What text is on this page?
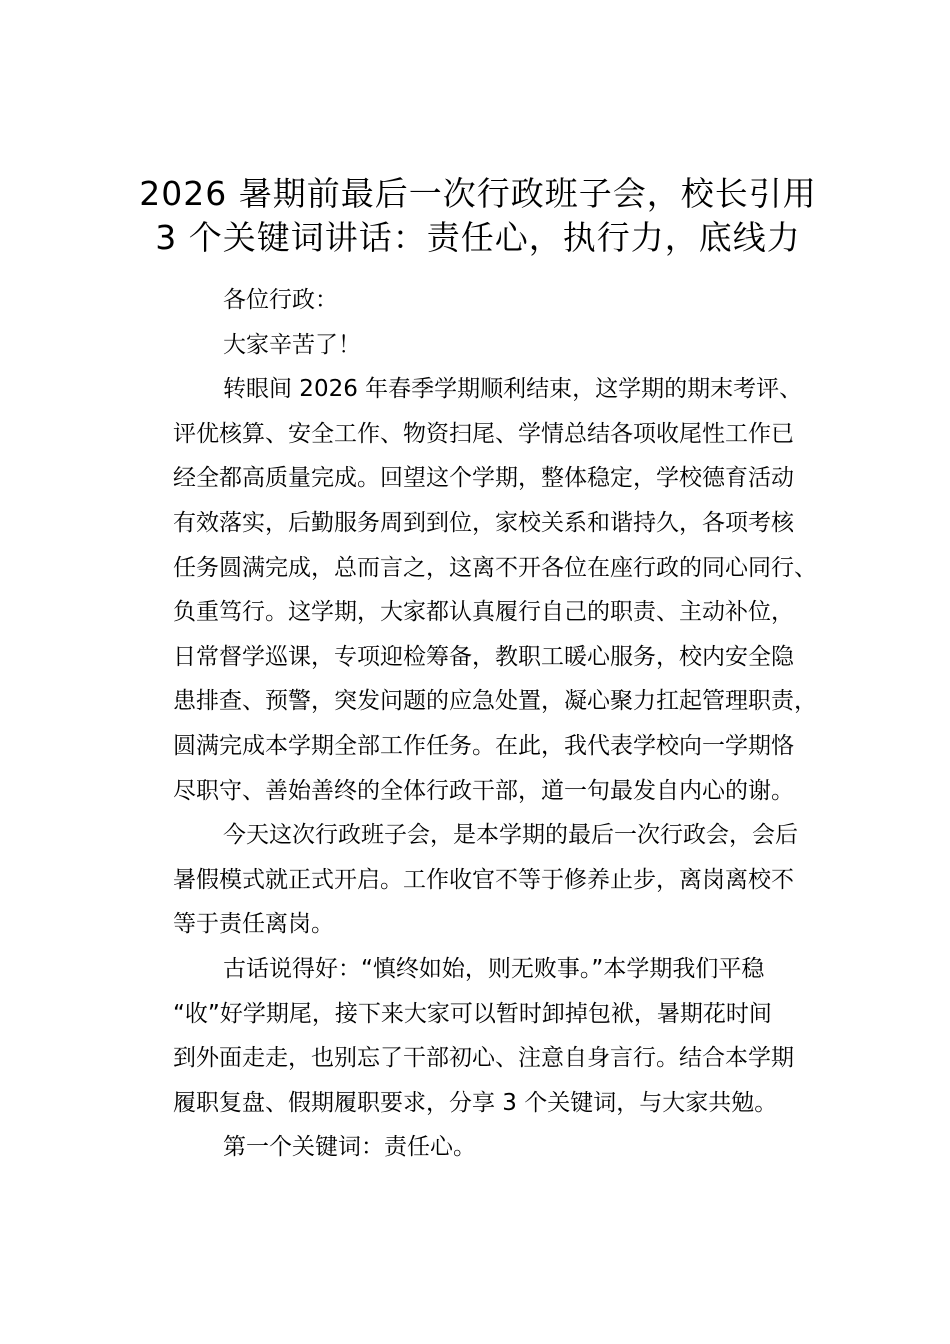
2026 暑期前最后一次行政班子会，校长引用
3 个关键词讲话：责任心，执行力，底线力
各位行政：
大家辛苦了！
转眼间 2026 年春季学期顺利结束，这学期的期末考评、
评优核算、安全工作、物资扫尾、学情总结各项收尾性工作已
经全都高质量完成。回望这个学期，整体稳定，学校德育活动
有效落实，后勤服务周到到位，家校关系和谐持久，各项考核
任务圆满完成，总而言之，这离不开各位在座行政的同心同行、
负重笃行。这学期，大家都认真履行自己的职责、主动补位，
日常督学巡课，专项迎检筹备，教职工暖心服务，校内安全隐
患排查、预警，突发问题的应急处置，凝心聚力扛起管理职责，
圆满完成本学期全部工作任务。在此，我代表学校向一学期恪
尽职守、善始善终的全体行政干部，道一句最发自内心的谢。
今天这次行政班子会，是本学期的最后一次行政会，会后
暑假模式就正式开启。工作收官不等于修养止步，离岗离校不
等于责任离岗。
古话说得好：“慎终如始，则无败事。”本学期我们平稳
“收”好学期尾，接下来大家可以暂时卸掉包袱，暑期花时间
到外面走走，也别忘了干部初心、注意自身言行。结合本学期
履职复盘、假期履职要求，分享 3 个关键词，与大家共勉。
第一个关键词：责任心。
